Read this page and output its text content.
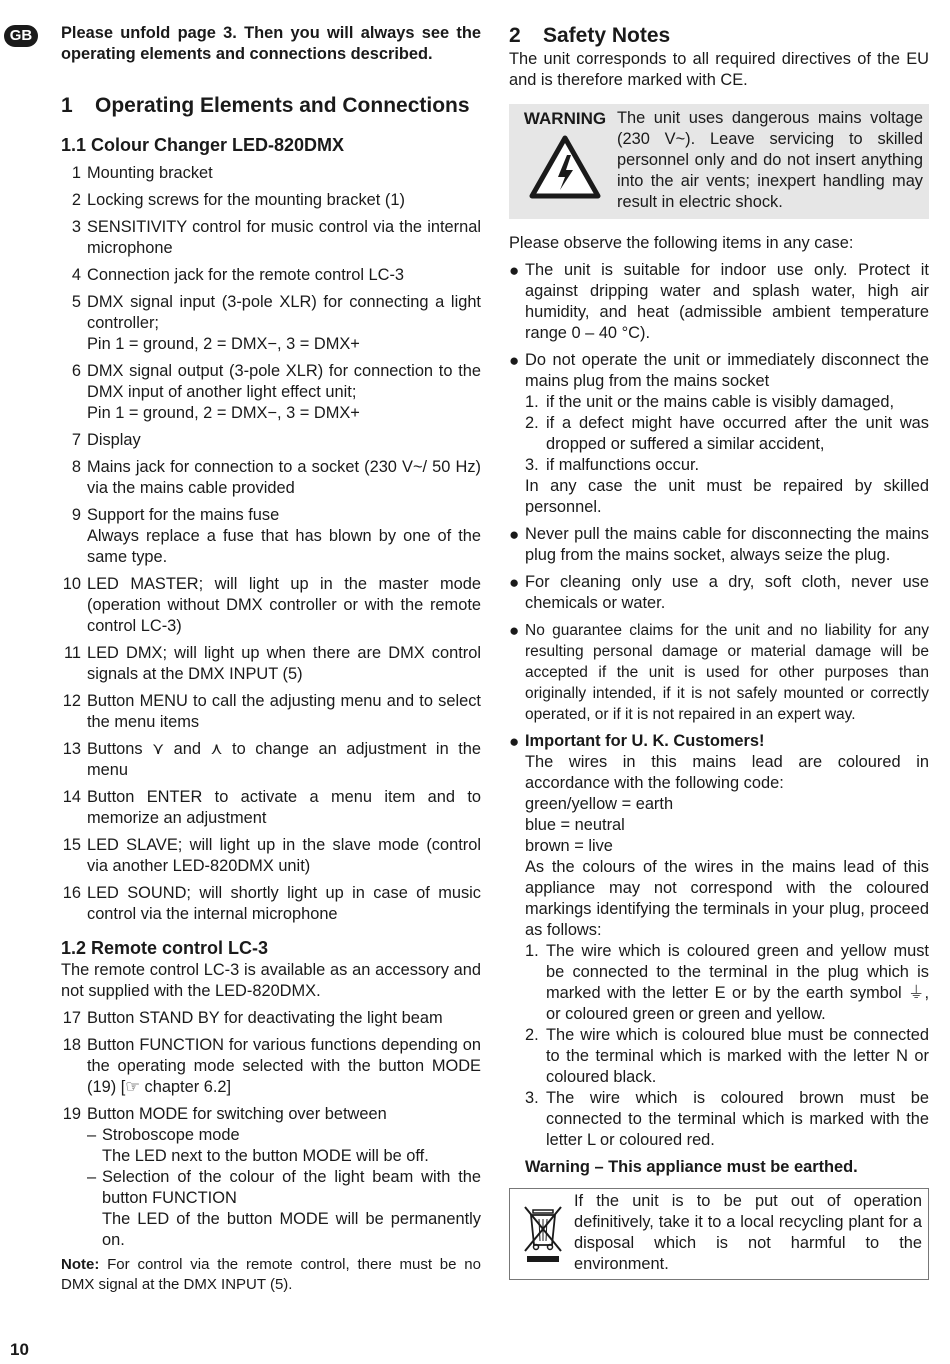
GB	Please unfold page 3. Then you will always see the operating elements and connections described.
1	Operating Elements and Connections
1.1 Colour Changer LED-820DMX
1 Mounting bracket
2 Locking screws for the mounting bracket (1)
3 SENSITIVITY control for music control via the internal microphone
4 Connection jack for the remote control LC-3
5 DMX signal input (3-pole XLR) for connecting a light controller;
Pin 1 = ground, 2 = DMX−, 3 = DMX+
6 DMX signal output (3-pole XLR) for connection to the DMX input of another light effect unit;
Pin 1 = ground, 2 = DMX−, 3 = DMX+
7 Display
8 Mains jack for connection to a socket (230 V~/ 50 Hz) via the mains cable provided
9 Support for the mains fuse
Always replace a fuse that has blown by one of the same type.
10 LED MASTER; will light up in the master mode (operation without DMX controller or with the remote control LC-3)
11 LED DMX; will light up when there are DMX control signals at the DMX INPUT (5)
12 Button MENU to call the adjusting menu and to select the menu items
13 Buttons ⋎ and ⋏ to change an adjustment in the menu
14 Button ENTER to activate a menu item and to memorize an adjustment
15 LED SLAVE; will light up in the slave mode (control via another LED-820DMX unit)
16 LED SOUND; will shortly light up in case of music control via the internal microphone
1.2 Remote control LC-3
The remote control LC-3 is available as an accessory and not supplied with the LED-820DMX.
17 Button STAND BY for deactivating the light beam
18 Button FUNCTION for various functions depending on the operating mode selected with the button MODE (19) [☞ chapter 6.2]
19 Button MODE for switching over between
– Stroboscope mode
The LED next to the button MODE will be off.
– Selection of the colour of the light beam with the button FUNCTION
The LED of the button MODE will be permanently on.
Note: For control via the remote control, there must be no DMX signal at the DMX INPUT (5).
2	Safety Notes
The unit corresponds to all required directives of the EU and is therefore marked with CE.
WARNING The unit uses dangerous mains voltage (230 V~). Leave servicing to skilled personnel only and do not insert anything into the air vents; inexpert handling may result in electric shock.
Please observe the following items in any case:
● The unit is suitable for indoor use only. Protect it against dripping water and splash water, high air humidity, and heat (admissible ambient temperature range 0 – 40 °C).
● Do not operate the unit or immediately disconnect the mains plug from the mains socket
1. if the unit or the mains cable is visibly damaged,
2. if a defect might have occurred after the unit was dropped or suffered a similar accident,
3. if malfunctions occur.
In any case the unit must be repaired by skilled personnel.
● Never pull the mains cable for disconnecting the mains plug from the mains socket, always seize the plug.
● For cleaning only use a dry, soft cloth, never use chemicals or water.
● No guarantee claims for the unit and no liability for any resulting personal damage or material damage will be accepted if the unit is used for other purposes than originally intended, if it is not safely mounted or correctly operated, or if it is not repaired in an expert way.
● Important for U. K. Customers!
The wires in this mains lead are coloured in accordance with the following code:
green/yellow = earth
blue = neutral
brown = live
As the colours of the wires in the mains lead of this appliance may not correspond with the coloured markings identifying the terminals in your plug, proceed as follows:
1. The wire which is coloured green and yellow must be connected to the terminal in the plug which is marked with the letter E or by the earth symbol ⏚, or coloured green or green and yellow.
2. The wire which is coloured blue must be connected to the terminal which is marked with the letter N or coloured black.
3. The wire which is coloured brown must be connected to the terminal which is marked with the letter L or coloured red.
Warning – This appliance must be earthed.
If the unit is to be put out of operation definitively, take it to a local recycling plant for a disposal which is not harmful to the environment.
10
